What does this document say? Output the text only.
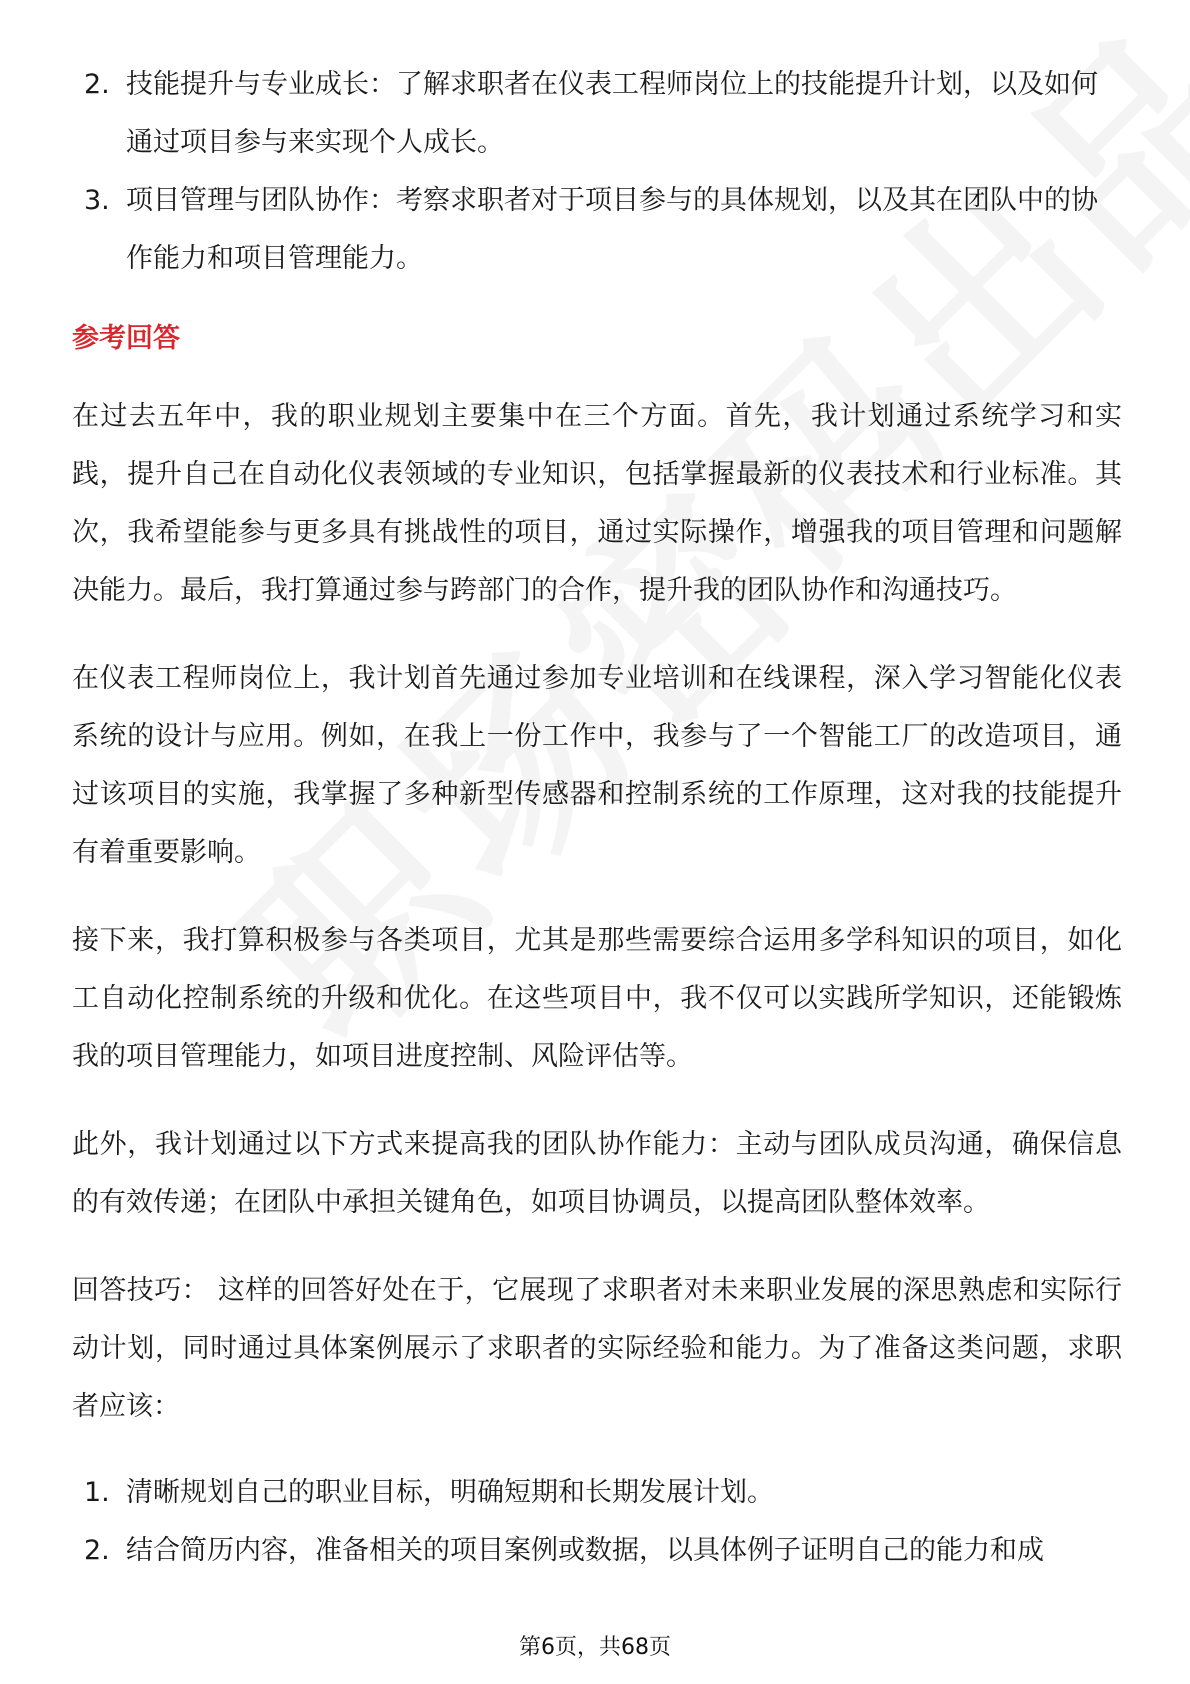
2. 技能提升与专业成长：了解求职者在仪表工程师岗位上的技能提升计划，以及如何通过项目参与来实现个人成长。
3. 项目管理与团队协作：考察求职者对于项目参与的具体规划，以及其在团队中的协作能力和项目管理能力。
参考回答

在过去五年中，我的职业规划主要集中在三个方面。首先，我计划通过系统学习和实践，提升自己在自动化仪表领域的专业知识，包括掌握最新的仪表技术和行业标准。其次，我希望能参与更多具有挑战性的项目，通过实际操作，增强我的项目管理和问题解决能力。最后，我打算通过参与跨部门的合作，提升我的团队协作和沟通技巧。

在仪表工程师岗位上，我计划首先通过参加专业培训和在线课程，深入学习智能化仪表系统的设计与应用。例如，在我上一份工作中，我参与了一个智能工厂的改造项目，通过该项目的实施，我掌握了多种新型传感器和控制系统的工作原理，这对我的技能提升有着重要影响。

接下来，我打算积极参与各类项目，尤其是那些需要综合运用多学科知识的项目，如化工自动化控制系统的升级和优化。在这些项目中，我不仅可以实践所学知识，还能锻炼我的项目管理能力，如项目进度控制、风险评估等。

此外，我计划通过以下方式来提高我的团队协作能力：主动与团队成员沟通，确保信息的有效传递；在团队中承担关键角色，如项目协调员，以提高团队整体效率。

回答技巧： 这样的回答好处在于，它展现了求职者对未来职业发展的深思熟虑和实际行动计划，同时通过具体案例展示了求职者的实际经验和能力。为了准备这类问题，求职者应该：

1. 清晰规划自己的职业目标，明确短期和长期发展计划。
2. 结合简历内容，准备相关的项目案例或数据，以具体例子证明自己的能力和成
第6页，共68页
